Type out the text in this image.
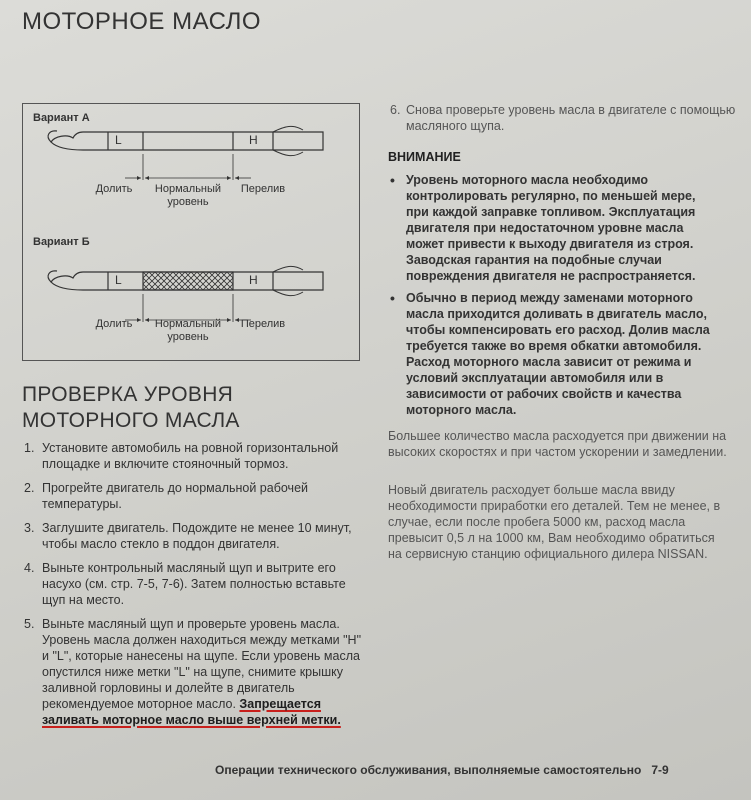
МОТОРНОЕ МАСЛО
Вариант А
L	H
Долить	Нормальный уровень
Перелив
Вариант Б
L	H
Долить	Нормальный уровень
Перелив
ПРОВЕРКА УРОВНЯ МОТОРНОГО МАСЛА
1. Установите автомобиль на ровной горизонтальной площадке и включите стояночный тормоз.
2. Прогрейте двигатель до нормальной рабочей температуры.
3. Заглушите двигатель. Подождите не менее 10 минут, чтобы масло стекло в поддон двигателя.
4. Выньте контрольный масляный щуп и вытрите его насухо (см. стр. 7-5, 7-6). Затем полностью вставьте щуп на место.
5. Выньте масляный щуп и проверьте уровень масла. Уровень масла должен находиться между метками "H" и "L", которые нанесены на щупе. Если уровень масла опустился ниже метки "L" на щупе, снимите крышку заливной горловины и долейте в двигатель рекомендуемое моторное масло. Запрещается заливать моторное масло выше верхней метки.
6. Снова проверьте уровень масла в двигателе с помощью масляного щупа.
ВНИМАНИЕ
• Уровень моторного масла необходимо контролировать регулярно, по меньшей мере, при каждой заправке топливом. Эксплуатация двигателя при недостаточном уровне масла может привести к выходу двигателя из строя. Заводская гарантия на подобные случаи повреждения двигателя не распространяется.
• Обычно в период между заменами моторного масла приходится доливать в двигатель масло, чтобы компенсировать его расход. Долив масла требуется также во время обкатки автомобиля. Расход моторного масла зависит от режима и условий эксплуатации автомобиля или в зависимости от рабочих свойств и качества моторного масла.
Большее количество масла расходуется при движении на высоких скоростях и при частом ускорении и замедлении.
Новый двигатель расходует больше масла ввиду необходимости приработки его деталей. Тем не менее, в случае, если после пробега 5000 км, расход масла превысит 0,5 л на 1000 км, Вам необходимо обратиться на сервисную станцию официального дилера NISSAN.
Операции технического обслуживания, выполняемые самостоятельно 7-9
